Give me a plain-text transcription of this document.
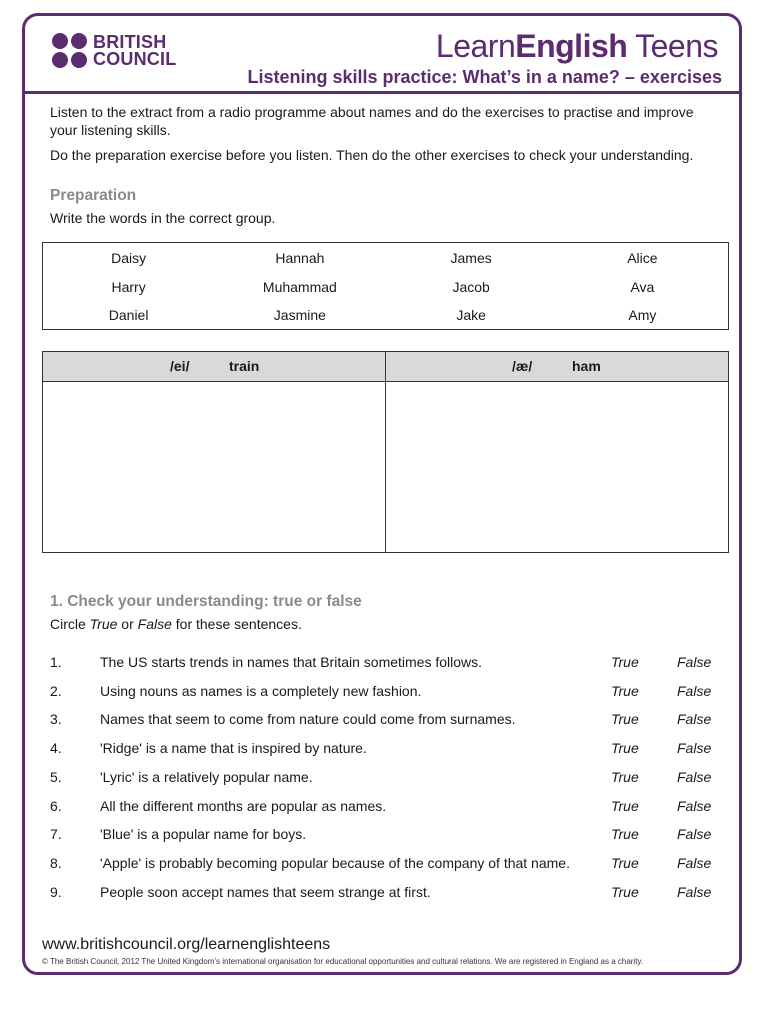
BRITISH
COUNCIL	LearnEnglish Teens
Listening skills practice: What’s in a name? – exercises

Listen to the extract from a radio programme about names and do the exercises to practise and improve your listening skills.

Do the preparation exercise before you listen. Then do the other exercises to check your understanding.

Preparation
Write the words in the correct group.
Daisy	Hannah	James	Alice
Harry	Muhammad	Jacob	Ava
Daniel	Jasmine	Jake	Amy
/ei/	train	/æ/	ham
1. Check your understanding: true or false
Circle True or False for these sentences.
1.	The US starts trends in names that Britain sometimes follows.	True	False
2.	Using nouns as names is a completely new fashion.	True	False
3.	Names that seem to come from nature could come from surnames.	True	False
4.	'Ridge' is a name that is inspired by nature.	True	False
5.	'Lyric' is a relatively popular name.	True	False
6.	All the different months are popular as names.	True	False
7.	'Blue' is a popular name for boys.	True	False
8.	'Apple' is probably becoming popular because of the company of that name.	True	False
9.	People soon accept names that seem strange at first.	True	False
www.britishcouncil.org/learnenglishteens
© The British Council, 2012 The United Kingdom’s international organisation for educational opportunities and cultural relations. We are registered in England as a charity.
